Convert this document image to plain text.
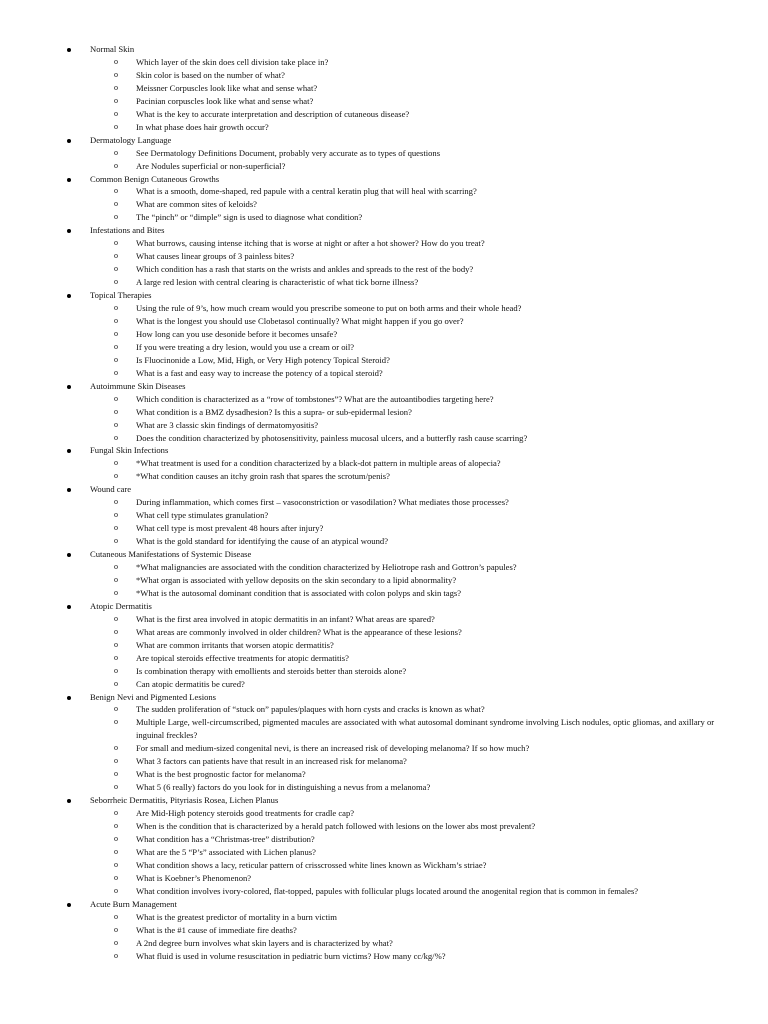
Normal Skin
o Which layer of the skin does cell division take place in?
o Skin color is based on the number of what?
o Meissner Corpuscles look like what and sense what?
o Pacinian corpuscles look like what and sense what?
o What is the key to accurate interpretation and description of cutaneous disease?
o In what phase does hair growth occur?
Dermatology Language
o See Dermatology Definitions Document, probably very accurate as to types of questions
o Are Nodules superficial or non-superficial?
Common Benign Cutaneous Growths
o What is a smooth, dome-shaped, red papule with a central keratin plug that will heal with scarring?
o What are common sites of keloids?
o The “pinch” or “dimple” sign is used to diagnose what condition?
Infestations and Bites
o What burrows, causing intense itching that is worse at night or after a hot shower? How do you treat?
o What causes linear groups of 3 painless bites?
o Which condition has a rash that starts on the wrists and ankles and spreads to the rest of the body?
o A large red lesion with central clearing is characteristic of what tick borne illness?
Topical Therapies
o Using the rule of 9’s, how much cream would you prescribe someone to put on both arms and their whole head?
o What is the longest you should use Clobetasol continually? What might happen if you go over?
o How long can you use desonide before it becomes unsafe?
o If you were treating a dry lesion, would you use a cream or oil?
o Is Fluocinonide a Low, Mid, High, or Very High potency Topical Steroid?
o What is a fast and easy way to increase the potency of a topical steroid?
Autoimmune Skin Diseases
o Which condition is characterized as a “row of tombstones”? What are the autoantibodies targeting here?
o What condition is a BMZ dysadhesion? Is this a supra- or sub-epidermal lesion?
o What are 3 classic skin findings of dermatomyositis?
o Does the condition characterized by photosensitivity, painless mucosal ulcers, and a butterfly rash cause scarring?
Fungal Skin Infections
o *What treatment is used for a condition characterized by a black-dot pattern in multiple areas of alopecia?
o *What condition causes an itchy groin rash that spares the scrotum/penis?
Wound care
o During inflammation, which comes first – vasoconstriction or vasodilation? What mediates those processes?
o What cell type stimulates granulation?
o What cell type is most prevalent 48 hours after injury?
o What is the gold standard for identifying the cause of an atypical wound?
Cutaneous Manifestations of Systemic Disease
o *What malignancies are associated with the condition characterized by Heliotrope rash and Gottron’s papules?
o *What organ is associated with yellow deposits on the skin secondary to a lipid abnormality?
o *What is the autosomal dominant condition that is associated with colon polyps and skin tags?
Atopic Dermatitis
o What is the first area involved in atopic dermatitis in an infant? What areas are spared?
o What areas are commonly involved in older children? What is the appearance of these lesions?
o What are common irritants that worsen atopic dermatitis?
o Are topical steroids effective treatments for atopic dermatitis?
o Is combination therapy with emollients and steroids better than steroids alone?
o Can atopic dermatitis be cured?
Benign Nevi and Pigmented Lesions
o The sudden proliferation of “stuck on” papules/plaques with horn cysts and cracks is known as what?
o Multiple Large, well-circumscribed, pigmented macules are associated with what autosomal dominant syndrome involving Lisch nodules, optic gliomas, and axillary or inguinal freckles?
o For small and medium-sized congenital nevi, is there an increased risk of developing melanoma? If so how much?
o What 3 factors can patients have that result in an increased risk for melanoma?
o What is the best prognostic factor for melanoma?
o What 5 (6 really) factors do you look for in distinguishing a nevus from a melanoma?
Seborrheic Dermatitis, Pityriasis Rosea, Lichen Planus
o Are Mid-High potency steroids good treatments for cradle cap?
o When is the condition that is characterized by a herald patch followed with lesions on the lower abs most prevalent?
o What condition has a “Christmas-tree” distribution?
o What are the 5 “P’s” associated with Lichen planus?
o What condition shows a lacy, reticular pattern of crisscrossed white lines known as Wickham’s striae?
o What is Koebner’s Phenomenon?
o What condition involves ivory-colored, flat-topped, papules with follicular plugs located around the anogenital region that is common in females?
Acute Burn Management
o What is the greatest predictor of mortality in a burn victim
o What is the #1 cause of immediate fire deaths?
o A 2nd degree burn involves what skin layers and is characterized by what?
o What fluid is used in volume resuscitation in pediatric burn victims? How many cc/kg/%?
